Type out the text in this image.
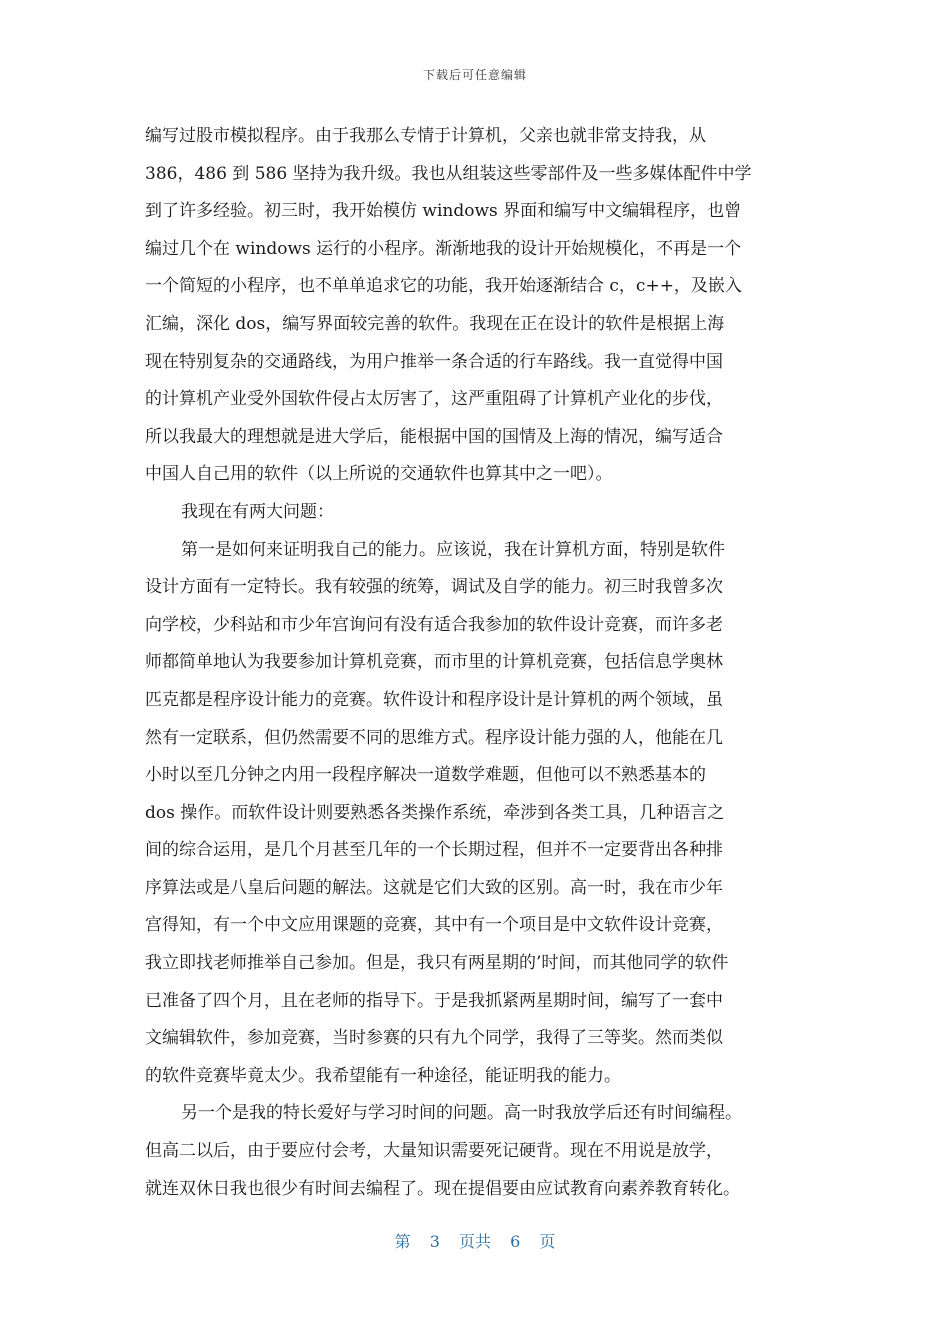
下载后可任意编辑
编写过股市模拟程序。由于我那么专情于计算机，父亲也就非常支持我，从
386，486 到 586 坚持为我升级。我也从组装这些零部件及一些多媒体配件中学
到了许多经验。初三时，我开始模仿 windows 界面和编写中文编辑程序，也曾
编过几个在 windows 运行的小程序。渐渐地我的设计开始规模化，不再是一个
一个简短的小程序，也不单单追求它的功能，我开始逐渐结合 c，c++，及嵌入
汇编，深化 dos，编写界面较完善的软件。我现在正在设计的软件是根据上海
现在特别复杂的交通路线，为用户推举一条合适的行车路线。我一直觉得中国
的计算机产业受外国软件侵占太厉害了，这严重阻碍了计算机产业化的步伐，
所以我最大的理想就是进大学后，能根据中国的国情及上海的情况，编写适合
中国人自己用的软件（以上所说的交通软件也算其中之一吧）。
我现在有两大问题：
第一是如何来证明我自己的能力。应该说，我在计算机方面，特别是软件
设计方面有一定特长。我有较强的统筹，调试及自学的能力。初三时我曾多次
向学校，少科站和市少年宫询问有没有适合我参加的软件设计竞赛，而许多老
师都简单地认为我要参加计算机竞赛，而市里的计算机竞赛，包括信息学奥林
匹克都是程序设计能力的竞赛。软件设计和程序设计是计算机的两个领域，虽
然有一定联系，但仍然需要不同的思维方式。程序设计能力强的人，他能在几
小时以至几分钟之内用一段程序解决一道数学难题，但他可以不熟悉基本的
dos 操作。而软件设计则要熟悉各类操作系统，牵涉到各类工具，几种语言之
间的综合运用，是几个月甚至几年的一个长期过程，但并不一定要背出各种排
序算法或是八皇后问题的解法。这就是它们大致的区别。高一时，我在市少年
宫得知，有一个中文应用课题的竞赛，其中有一个项目是中文软件设计竞赛，
我立即找老师推举自己参加。但是，我只有两星期的’时间，而其他同学的软件
已准备了四个月，且在老师的指导下。于是我抓紧两星期时间，编写了一套中
文编辑软件，参加竞赛，当时参赛的只有九个同学，我得了三等奖。然而类似
的软件竞赛毕竟太少。我希望能有一种途径，能证明我的能力。
另一个是我的特长爱好与学习时间的问题。高一时我放学后还有时间编程。
但高二以后，由于要应付会考，大量知识需要死记硬背。现在不用说是放学，
就连双休日我也很少有时间去编程了。现在提倡要由应试教育向素养教育转化。
第 3 页共 6 页
